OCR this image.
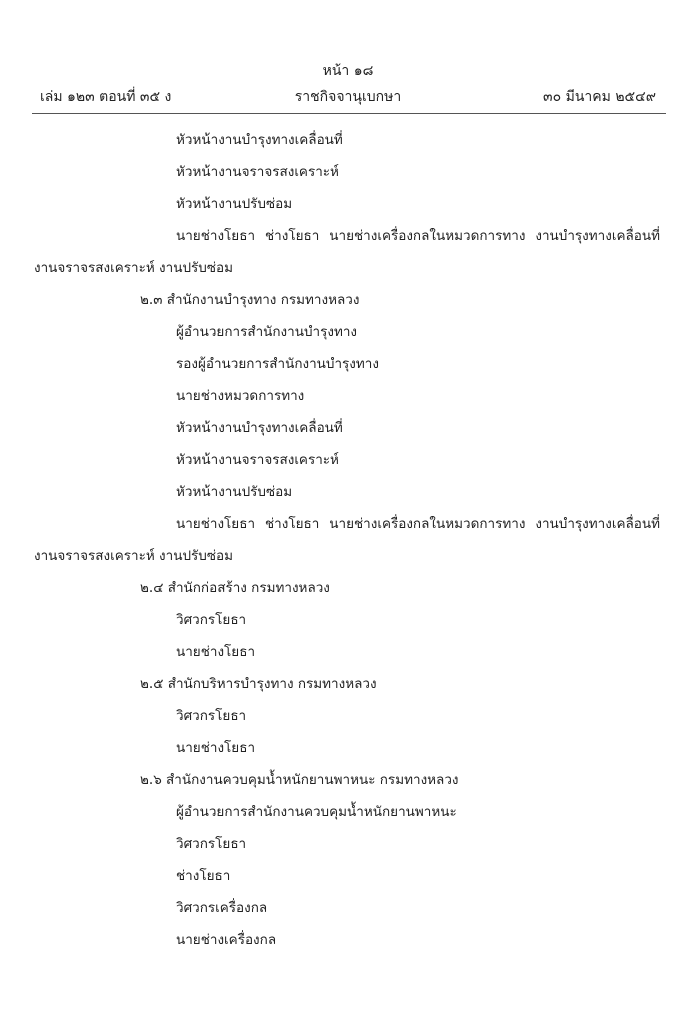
หน้า ๑๘
เล่ม ๑๒๓ ตอนที่ ๓๕ ง	ราชกิจจานุเบกษา	๓๐ มีนาคม ๒๕๔๙
หัวหน้างานบำรุงทางเคลื่อนที่
หัวหน้างานจราจรสงเคราะห์
หัวหน้างานปรับซ่อม
นายช่างโยธา ช่างโยธา นายช่างเครื่องกลในหมวดการทาง งานบำรุงทางเคลื่อนที่
งานจราจรสงเคราะห์ งานปรับซ่อม
๒.๓ สำนักงานบำรุงทาง กรมทางหลวง
ผู้อำนวยการสำนักงานบำรุงทาง
รองผู้อำนวยการสำนักงานบำรุงทาง
นายช่างหมวดการทาง
หัวหน้างานบำรุงทางเคลื่อนที่
หัวหน้างานจราจรสงเคราะห์
หัวหน้างานปรับซ่อม
นายช่างโยธา ช่างโยธา นายช่างเครื่องกลในหมวดการทาง งานบำรุงทางเคลื่อนที่
งานจราจรสงเคราะห์ งานปรับซ่อม
๒.๔ สำนักก่อสร้าง กรมทางหลวง
วิศวกรโยธา
นายช่างโยธา
๒.๕ สำนักบริหารบำรุงทาง กรมทางหลวง
วิศวกรโยธา
นายช่างโยธา
๒.๖ สำนักงานควบคุมน้ำหนักยานพาหนะ กรมทางหลวง
ผู้อำนวยการสำนักงานควบคุมน้ำหนักยานพาหนะ
วิศวกรโยธา
ช่างโยธา
วิศวกรเครื่องกล
นายช่างเครื่องกล
